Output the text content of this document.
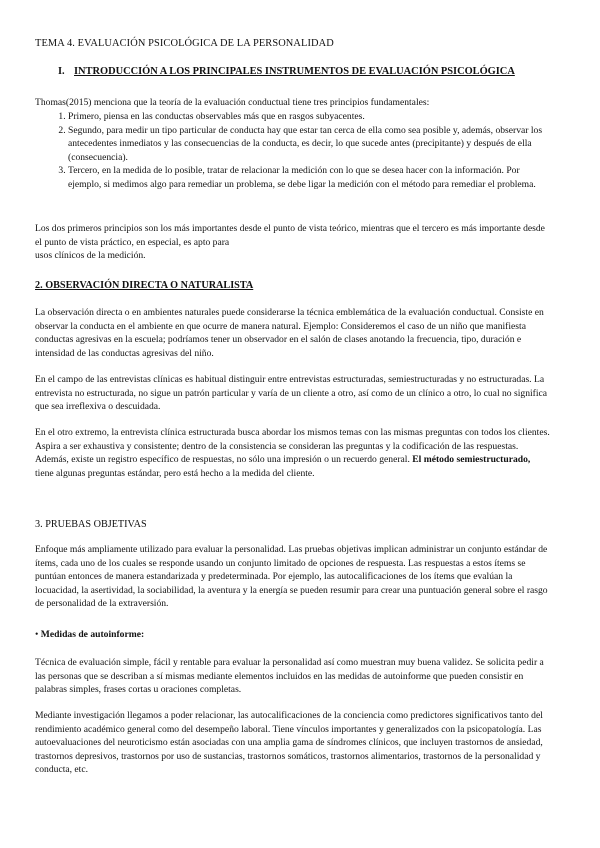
TEMA 4. EVALUACIÓN PSICOLÓGICA DE LA PERSONALIDAD

I. INTRODUCCIÓN A LOS PRINCIPALES INSTRUMENTOS DE EVALUACIÓN PSICOLÓGICA

Thomas(2015) menciona que la teoría de la evaluación conductual tiene tres principios fundamentales:

1. Primero, piensa en las conductas observables más que en rasgos subyacentes.
2. Segundo, para medir un tipo particular de conducta hay que estar tan cerca de ella como sea posible y, además, observar los antecedentes inmediatos y las consecuencias de la conducta, es decir, lo que sucede antes (precipitante) y después de ella (consecuencia).
3. Tercero, en la medida de lo posible, tratar de relacionar la medición con lo que se desea hacer con la información. Por ejemplo, si medimos algo para remediar un problema, se debe ligar la medición con el método para remediar el problema.
Los dos primeros principios son los más importantes desde el punto de vista teórico, mientras que el tercero es más importante desde el punto de vista práctico, en especial, es apto para
usos clínicos de la medición.

2. OBSERVACIÓN DIRECTA O NATURALISTA

La observación directa o en ambientes naturales puede considerarse la técnica emblemática de la evaluación conductual. Consiste en observar la conducta en el ambiente en que ocurre de manera natural. Ejemplo: Consideremos el caso de un niño que manifiesta conductas agresivas en la escuela; podríamos tener un observador en el salón de clases anotando la frecuencia, tipo, duración e intensidad de las conductas agresivas del niño.

En el campo de las entrevistas clínicas es habitual distinguir entre entrevistas estructuradas, semiestructuradas y no estructuradas. La entrevista no estructurada, no sigue un patrón particular y varía de un cliente a otro, así como de un clínico a otro, lo cual no significa que sea irreflexiva o descuidada.

En el otro extremo, la entrevista clínica estructurada busca abordar los mismos temas con las mismas preguntas con todos los clientes. Aspira a ser exhaustiva y consistente; dentro de la consistencia se consideran las preguntas y la codificación de las respuestas. Además, existe un registro específico de respuestas, no sólo una impresión o un recuerdo general. El método semiestructurado, tiene algunas preguntas estándar, pero está hecho a la medida del cliente.

3. PRUEBAS OBJETIVAS

Enfoque más ampliamente utilizado para evaluar la personalidad. Las pruebas objetivas implican administrar un conjunto estándar de ítems, cada uno de los cuales se responde usando un conjunto limitado de opciones de respuesta. Las respuestas a estos ítems se puntúan entonces de manera estandarizada y predeterminada. Por ejemplo, las autocalificaciones de los ítems que evalúan la locuacidad, la asertividad, la sociabilidad, la aventura y la energía se pueden resumir para crear una puntuación general sobre el rasgo de personalidad de la extraversión.

• Medidas de autoinforme:

Técnica de evaluación simple, fácil y rentable para evaluar la personalidad así como muestran muy buena validez. Se solicita pedir a las personas que se describan a sí mismas mediante elementos incluidos en las medidas de autoinforme que pueden consistir en palabras simples, frases cortas u oraciones completas.

Mediante investigación llegamos a poder relacionar, las autocalificaciones de la conciencia como predictores significativos tanto del rendimiento académico general como del desempeño laboral. Tiene vínculos importantes y generalizados con la psicopatología. Las autoevaluaciones del neuroticismo están asociadas con una amplia gama de síndromes clínicos, que incluyen trastornos de ansiedad, trastornos depresivos, trastornos por uso de sustancias, trastornos somáticos, trastornos alimentarios, trastornos de la personalidad y conducta, etc.
